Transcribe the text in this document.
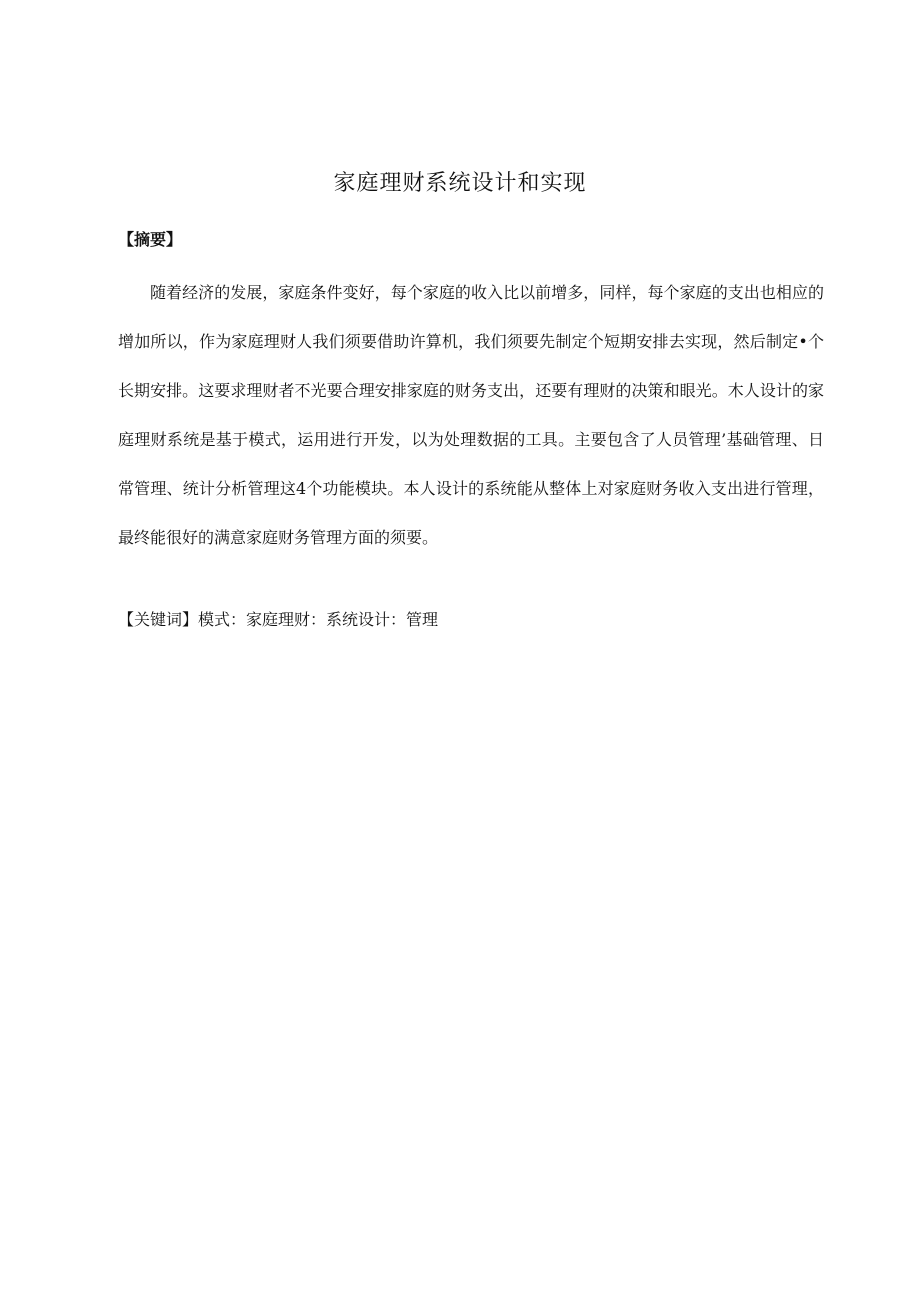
家庭理财系统设计和实现

【摘要】

随着经济的发展，家庭条件变好，每个家庭的收入比以前增多，同样，每个家庭的支出也相应的增加所以，作为家庭理财人我们须要借助许算机，我们须要先制定个短期安排去实现，然后制定•个长期安排。这要求理财者不光要合理安排家庭的财务支出，还要有理财的决策和眼光。木人设计的家庭理财系统是基于模式，运用进行开发，以为处理数据的工具。主要包含了人员管理’基础管理、日常管理、统计分析管理这4个功能模块。本人设计的系统能从整体上对家庭财务收入支出进行管理，最终能很好的满意家庭财务管理方面的须要。

【关键词】模式：家庭理财：系统设计：管理
